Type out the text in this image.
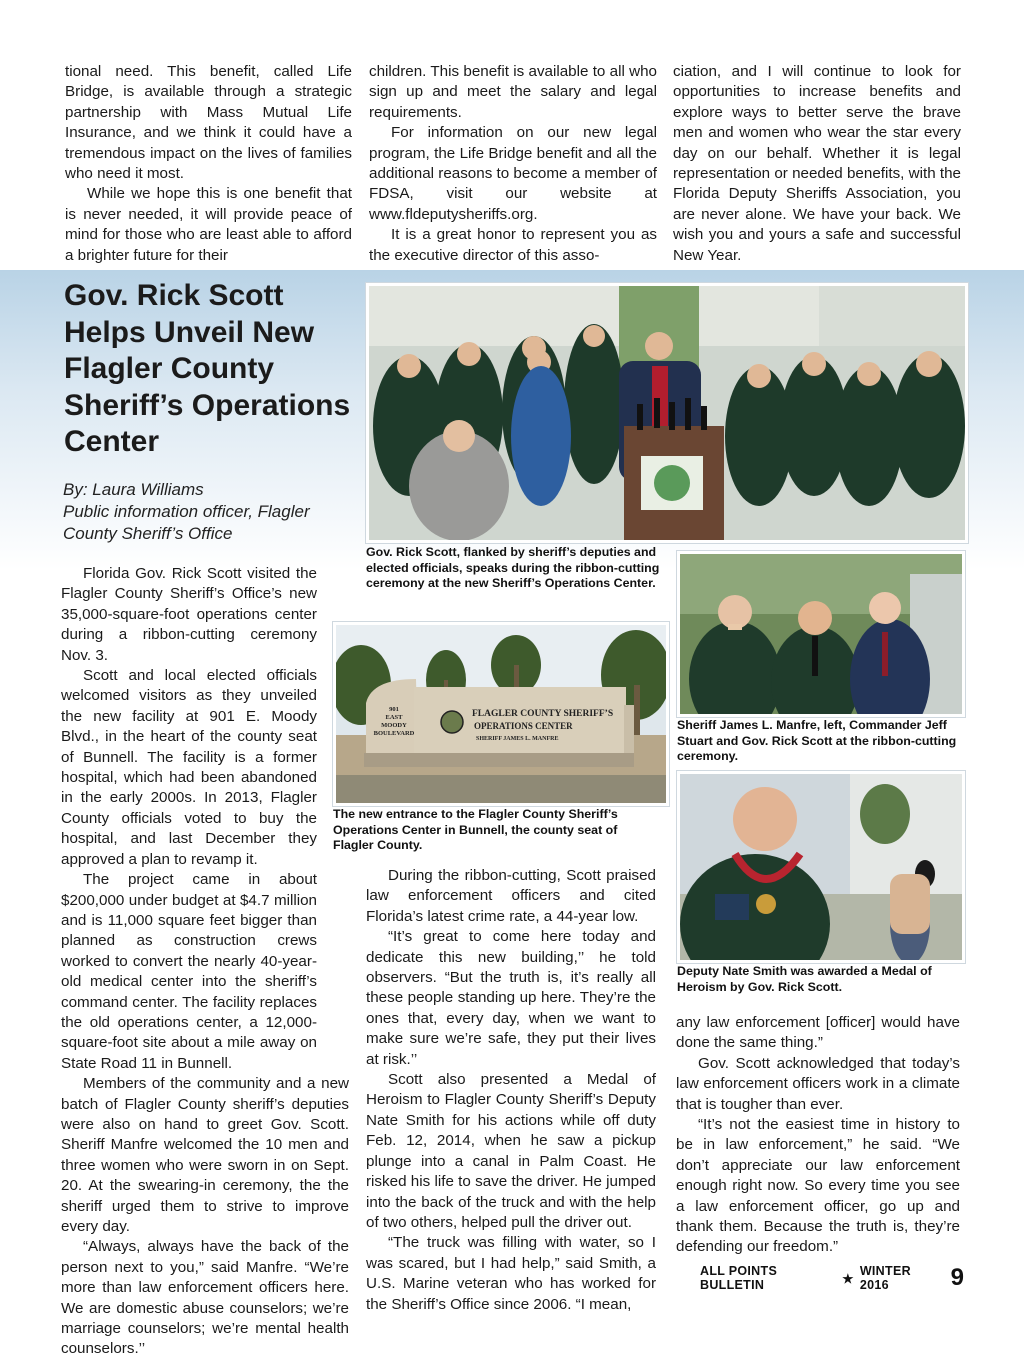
tional need. This benefit, called Life Bridge, is available through a strategic partnership with Mass Mutual Life Insurance, and we think it could have a tremendous impact on the lives of families who need it most.

While we hope this is one benefit that is never needed, it will provide peace of mind for those who are least able to afford a brighter future for their

children. This benefit is available to all who sign up and meet the salary and legal requirements.

For information on our new legal program, the Life Bridge benefit and all the additional reasons to become a member of FDSA, visit our website at www.fldeputysheriffs.org.

It is a great honor to represent you as the executive director of this asso-

ciation, and I will continue to look for opportunities to increase benefits and explore ways to better serve the brave men and women who wear the star every day on our behalf. Whether it is legal representation or needed benefits, with the Florida Deputy Sheriffs Association, you are never alone. We have your back. We wish you and yours a safe and successful New Year.

Gov. Rick Scott Helps Unveil New Flagler County Sheriff’s Operations Center
By: Laura Williams
Public information officer, Flagler County Sheriff’s Office
Gov. Rick Scott, flanked by sheriff’s deputies and elected officials, speaks during the ribbon-cutting ceremony at the new Sheriff’s Operations Center.
901
EAST
MOODY
BOULEVARD
FLAGLER COUNTY SHERIFF’S
OPERATIONS CENTER
SHERIFF JAMES L. MANFRE
The new entrance to the Flagler County Sheriff’s Operations Center in Bunnell, the county seat of Flagler County.
Sheriff James L. Manfre, left, Commander Jeff Stuart and Gov. Rick Scott at the ribbon-cutting ceremony.
Deputy Nate Smith was awarded a Medal of Heroism by Gov. Rick Scott.

Florida Gov. Rick Scott visited the Flagler County Sheriff’s Office’s new 35,000-square-foot operations center during a ribbon-cutting ceremony Nov. 3.

Scott and local elected officials welcomed visitors as they unveiled the new facility at 901 E. Moody Blvd., in the heart of the county seat of Bunnell. The facility is a former hospital, which had been abandoned in the early 2000s. In 2013, Flagler County officials voted to buy the hospital, and last December they approved a plan to revamp it.

The project came in about $200,000 under budget at $4.7 million and is 11,000 square feet bigger than planned as construction crews worked to convert the nearly 40-year-old medical center into the sheriff’s command center. The facility replaces the old operations center, a 12,000-square-foot site about a mile away on State Road 11 in Bunnell.

Members of the community and a new batch of Flagler County sheriff’s deputies were also on hand to greet Gov. Scott. Sheriff Manfre welcomed the 10 men and three women who were sworn in on Sept. 20. At the swearing-in ceremony, the the sheriff urged them to strive to improve every day.

“Always, always have the back of the person next to you,” said Manfre. “We’re more than law enforcement officers here. We are domestic abuse counselors; we’re marriage counselors; we’re mental health counselors.’’

During the ribbon-cutting, Scott praised law enforcement officers and cited Florida’s latest crime rate, a 44-year low.

“It’s great to come here today and dedicate this new building,’’ he told observers. “But the truth is, it’s really all these people standing up here. They’re the ones that, every day, when we want to make sure we’re safe, they put their lives at risk.’’

Scott also presented a Medal of Heroism to Flagler County Sheriff’s Deputy Nate Smith for his actions while off duty Feb. 12, 2014, when he saw a pickup plunge into a canal in Palm Coast. He risked his life to save the driver. He jumped into the back of the truck and with the help of two others, helped pull the driver out.

“The truck was filling with water, so I was scared, but I had help,” said Smith, a U.S. Marine veteran who has worked for the Sheriff’s Office since 2006. “I mean,

any law enforcement [officer] would have done the same thing.”

Gov. Scott acknowledged that today’s law enforcement officers work in a climate that is tougher than ever.

“It’s not the easiest time in history to be in law enforcement,” he said. “We don’t appreciate our law enforcement enough right now. So every time you see a law enforcement officer, go up and thank them. Because the truth is, they’re defending our freedom.”

ALL POINTS BULLETIN	★
WINTER 2016	9
